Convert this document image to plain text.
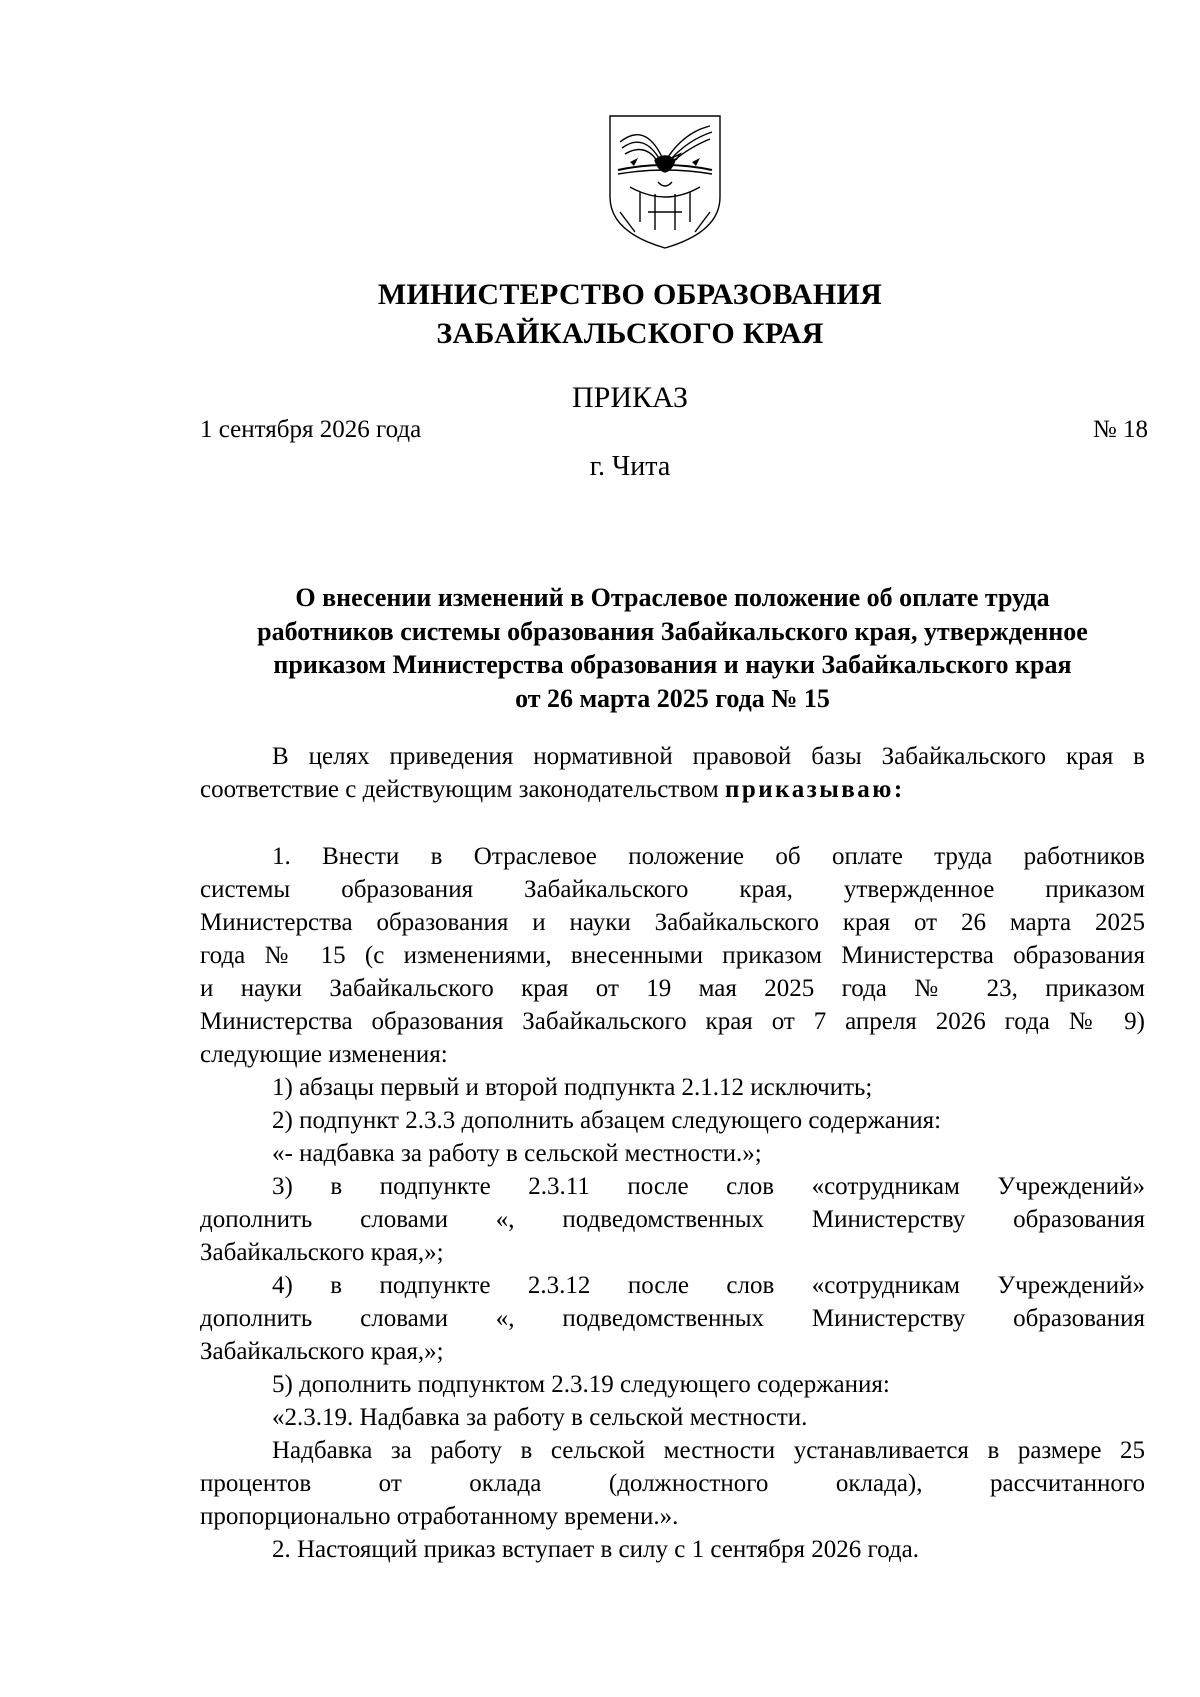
МИНИСТЕРСТВО ОБРАЗОВАНИЯ
ЗАБАЙКАЛЬСКОГО КРАЯ
ПРИКАЗ
1 сентября 2026 года	№ 18
г. Чита
О внесении изменений в Отраслевое положение об оплате труда
работников системы образования Забайкальского края, утвержденное
приказом Министерства образования и науки Забайкальского края
от 26 марта 2025 года № 15
В целях приведения нормативной правовой базы Забайкальского края в
соответствие с действующим законодательством приказываю:
1. Внести в Отраслевое положение об оплате труда работников
системы образования Забайкальского края, утвержденное приказом
Министерства образования и науки Забайкальского края от 26 марта 2025
года № 15 (с изменениями, внесенными приказом Министерства образования
и науки Забайкальского края от 19 мая 2025 года № 23, приказом
Министерства образования Забайкальского края от 7 апреля 2026 года № 9)
следующие изменения:
1) абзацы первый и второй подпункта 2.1.12 исключить;
2) подпункт 2.3.3 дополнить абзацем следующего содержания:
«- надбавка за работу в сельской местности.»;
3) в подпункте 2.3.11 после слов «сотрудникам Учреждений»
дополнить словами «, подведомственных Министерству образования
Забайкальского края,»;
4) в подпункте 2.3.12 после слов «сотрудникам Учреждений»
дополнить словами «, подведомственных Министерству образования
Забайкальского края,»;
5) дополнить подпунктом 2.3.19 следующего содержания:
«2.3.19. Надбавка за работу в сельской местности.
Надбавка за работу в сельской местности устанавливается в размере 25
процентов от оклада (должностного оклада), рассчитанного
пропорционально отработанному времени.».
2. Настоящий приказ вступает в силу с 1 сентября 2026 года.
